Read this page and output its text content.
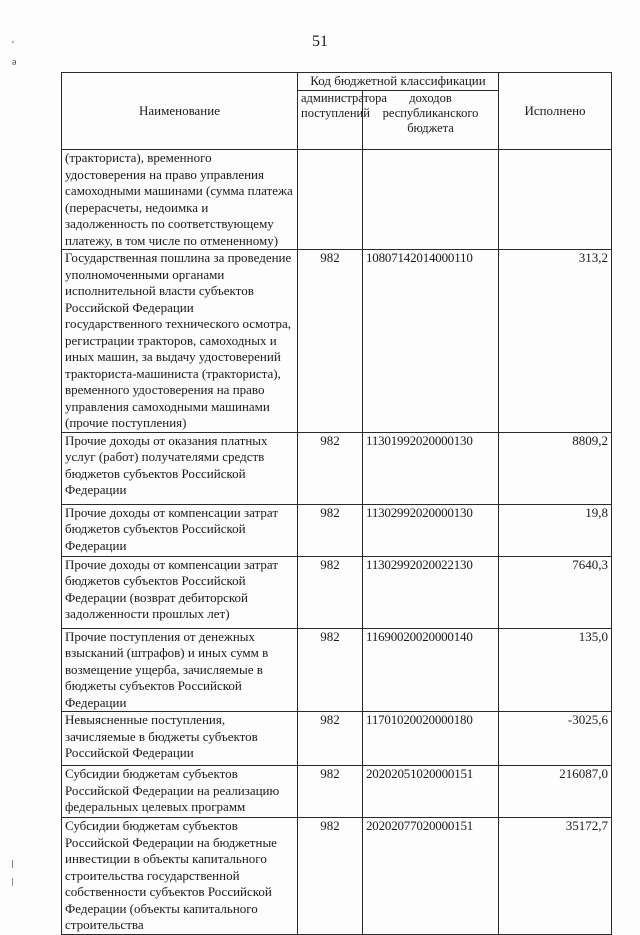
51
'
ə
Наименование	Код бюджетной классификации		Исполнено
	администратора поступлений	доходов республиканского бюджета	
(тракториста), временного удостоверения на право управления самоходными машинами (сумма платежа (перерасчеты, недоимка и задолженность по соответствующему платежу, в том числе по отмененному)			
Государственная пошлина за проведение уполномоченными органами исполнительной власти субъектов Российской Федерации государственного технического осмотра, регистрации тракторов, самоходных и иных машин, за выдачу удостоверений тракториста-машиниста (тракториста), временного удостоверения на право управления самоходными машинами (прочие поступления)	982	10807142014000110	313,2
Прочие доходы от оказания платных услуг (работ) получателями средств бюджетов субъектов Российской Федерации	982	11301992020000130	8809,2
Прочие доходы от компенсации затрат бюджетов субъектов Российской Федерации	982	11302992020000130	19,8
Прочие доходы от компенсации затрат бюджетов субъектов Российской Федерации (возврат дебиторской задолженности прошлых лет)	982	11302992020022130	7640,3
Прочие поступления от денежных взысканий (штрафов) и иных сумм в возмещение ущерба, зачисляемые в бюджеты субъектов Российской Федерации	982	11690020020000140	135,0
Невыясненные поступления, зачисляемые в бюджеты субъектов Российской Федерации	982	11701020020000180	-3025,6
Субсидии бюджетам субъектов Российской Федерации на реализацию федеральных целевых программ	982	20202051020000151	216087,0
Субсидии бюджетам субъектов Российской Федерации на бюджетные инвестиции в объекты капитального строительства государственной собственности субъектов Российской Федерации (объекты капитального строительства	982	20202077020000151	35172,7
